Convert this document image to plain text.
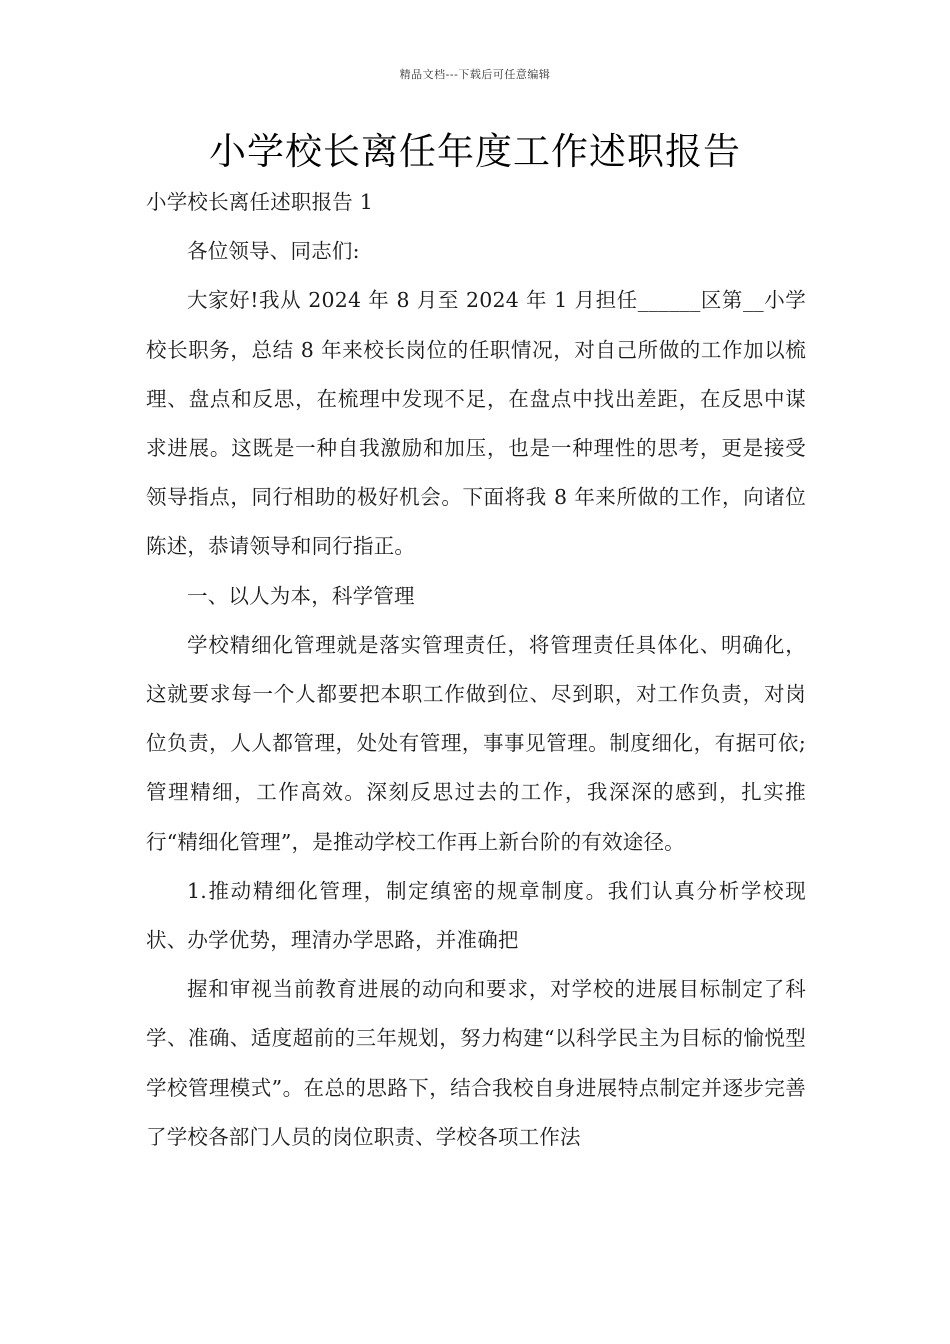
精品文档---下载后可任意编辑
小学校长离任年度工作述职报告

小学校长离任述职报告 1

各位领导、同志们:

大家好!我从 2024 年 8 月至 2024 年 1 月担任______区第__小学校长职务，总结 8 年来校长岗位的任职情况，对自己所做的工作加以梳理、盘点和反思，在梳理中发现不足，在盘点中找出差距，在反思中谋求进展。这既是一种自我激励和加压，也是一种理性的思考，更是接受领导指点，同行相助的极好机会。下面将我 8 年来所做的工作，向诸位陈述，恭请领导和同行指正。

一、以人为本，科学管理

学校精细化管理就是落实管理责任，将管理责任具体化、明确化，这就要求每一个人都要把本职工作做到位、尽到职，对工作负责，对岗位负责，人人都管理，处处有管理，事事见管理。制度细化，有据可依;管理精细，工作高效。深刻反思过去的工作，我深深的感到，扎实推行“精细化管理”，是推动学校工作再上新台阶的有效途径。

1.推动精细化管理，制定缜密的规章制度。我们认真分析学校现状、办学优势，理清办学思路，并准确把

握和审视当前教育进展的动向和要求，对学校的进展目标制定了科学、准确、适度超前的三年规划，努力构建“以科学民主为目标的愉悦型学校管理模式”。在总的思路下，结合我校自身进展特点制定并逐步完善了学校各部门人员的岗位职责、学校各项工作法
